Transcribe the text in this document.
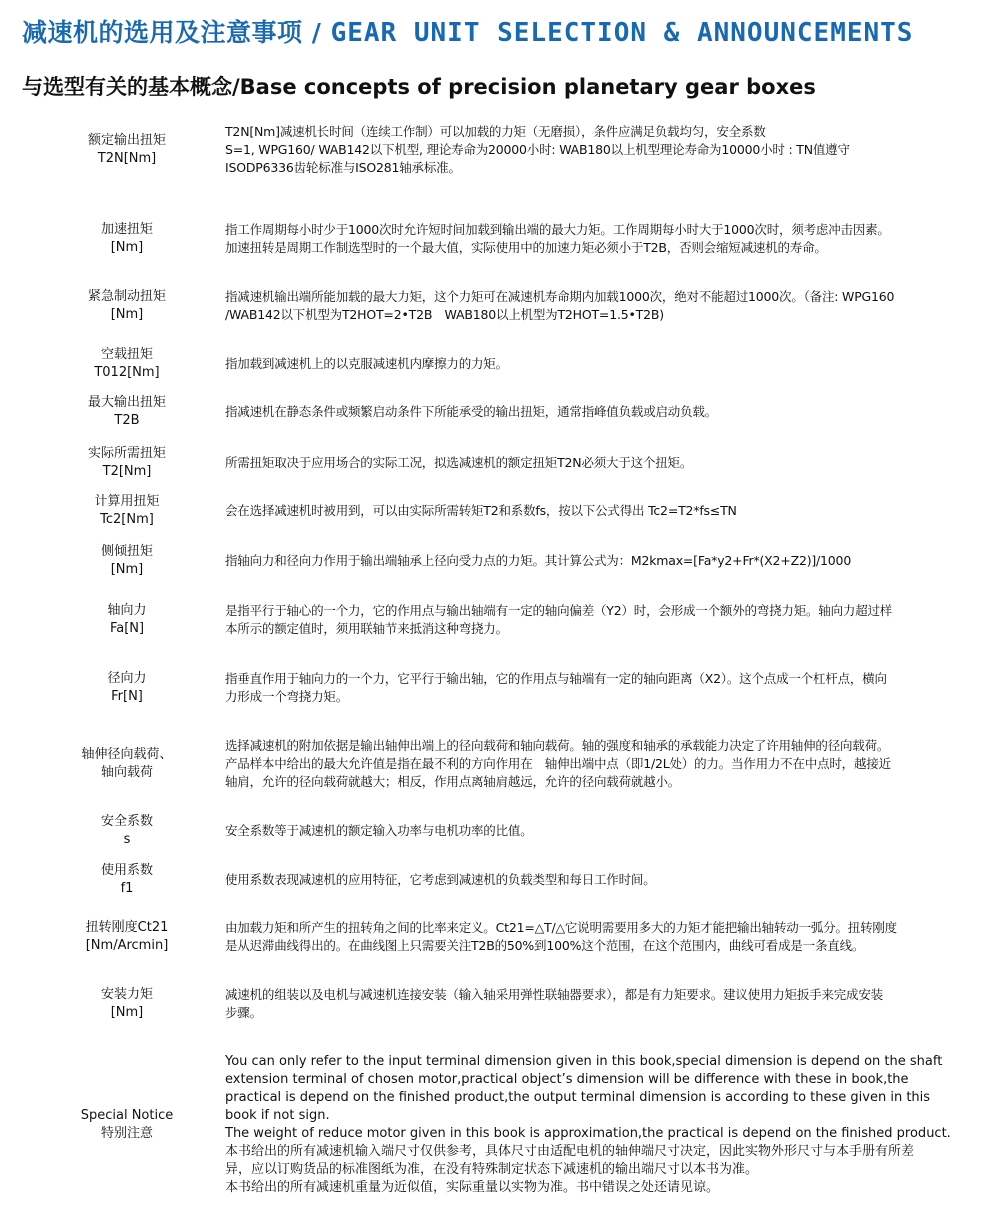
减速机的选用及注意事项 / GEAR UNIT SELECTION & ANNOUNCEMENTS
与选型有关的基本概念/Base concepts of precision planetary gear boxes
额定输出扭矩
T2N[Nm]
T2N[Nm]减速机长时间（连续工作制）可以加载的力矩（无磨损），条件应满足负载均匀，安全系数
S=1, WPG160/ WAB142以下机型, 理论寿命为20000小时: WAB180以上机型理论寿命为10000小时 : TN值遵守
ISODP6336齿轮标准与ISO281轴承标准。
加速扭矩
[Nm]
指工作周期每小时少于1000次时允许短时间加载到输出端的最大力矩。工作周期每小时大于1000次时，须考虑冲击因素。
加速扭转是周期工作制选型时的一个最大值，实际使用中的加速力矩必须小于T2B，否则会缩短减速机的寿命。
紧急制动扭矩
[Nm]
指减速机输出端所能加载的最大力矩，这个力矩可在减速机寿命期内加载1000次，绝对不能超过1000次。（备注: WPG160
/WAB142以下机型为T2HOT=2•T2B　WAB180以上机型为T2HOT=1.5•T2B)
空载扭矩
T012[Nm]
指加载到减速机上的以克服减速机内摩擦力的力矩。
最大输出扭矩
T2B
指减速机在静态条件或频繁启动条件下所能承受的输出扭矩，通常指峰值负载或启动负载。
实际所需扭矩
T2[Nm]
所需扭矩取决于应用场合的实际工况，拟选减速机的额定扭矩T2N必须大于这个扭矩。
计算用扭矩
Tc2[Nm]
会在选择减速机时被用到，可以由实际所需转矩T2和系数fs，按以下公式得出 Tc2=T2*fs≤TN
侧倾扭矩
[Nm]
指轴向力和径向力作用于输出端轴承上径向受力点的力矩。其计算公式为：M2kmax=[Fa*y2+Fr*(X2+Z2)]/1000
轴向力
Fa[N]
是指平行于轴心的一个力，它的作用点与输出轴端有一定的轴向偏差（Y2）时，会形成一个额外的弯挠力矩。轴向力超过样
本所示的额定值时，须用联轴节来抵消这种弯挠力。
径向力
Fr[N]
指垂直作用于轴向力的一个力，它平行于输出轴，它的作用点与轴端有一定的轴向距离（X2）。这个点成一个杠杆点，横向
力形成一个弯挠力矩。
轴伸径向载荷、
轴向载荷
选择减速机的附加依据是输出轴伸出端上的径向载荷和轴向载荷。轴的强度和轴承的承载能力决定了许用轴伸的径向载荷。
产品样本中给出的最大允许值是指在最不利的方向作用在　轴伸出端中点（即1/2L处）的力。当作用力不在中点时，越接近
轴肩，允许的径向载荷就越大；相反，作用点离轴肩越远，允许的径向载荷就越小。
安全系数
s
安全系数等于减速机的额定输入功率与电机功率的比值。
使用系数
f1
使用系数表现减速机的应用特征，它考虑到减速机的负载类型和每日工作时间。
扭转刚度Ct21
[Nm/Arcmin]
由加载力矩和所产生的扭转角之间的比率来定义。Ct21=△T/△它说明需要用多大的力矩才能把输出轴转动一弧分。扭转刚度
是从迟滞曲线得出的。在曲线图上只需要关注T2B的50%到100%这个范围，在这个范围内，曲线可看成是一条直线。
安装力矩
[Nm]
减速机的组装以及电机与减速机连接安装（输入轴采用弹性联轴器要求），都是有力矩要求。建议使用力矩扳手来完成安装
步骤。
Special Notice
特别注意
You can only refer to the input terminal dimension given in this book,special dimension is depend on the shaft
extension terminal of chosen motor,practical object’s dimension will be difference with these in book,the
practical is depend on the finished product,the output terminal dimension is according to these given in this
book if not sign.
The weight of reduce motor given in this book is approximation,the practical is depend on the finished product.
本书给出的所有减速机输入端尺寸仅供参考，具体尺寸由适配电机的轴伸端尺寸决定，因此实物外形尺寸与本手册有所差
异，应以订购货品的标准图纸为准，在没有特殊制定状态下减速机的输出端尺寸以本书为准。
本书给出的所有减速机重量为近似值，实际重量以实物为准。书中错误之处还请见谅。
